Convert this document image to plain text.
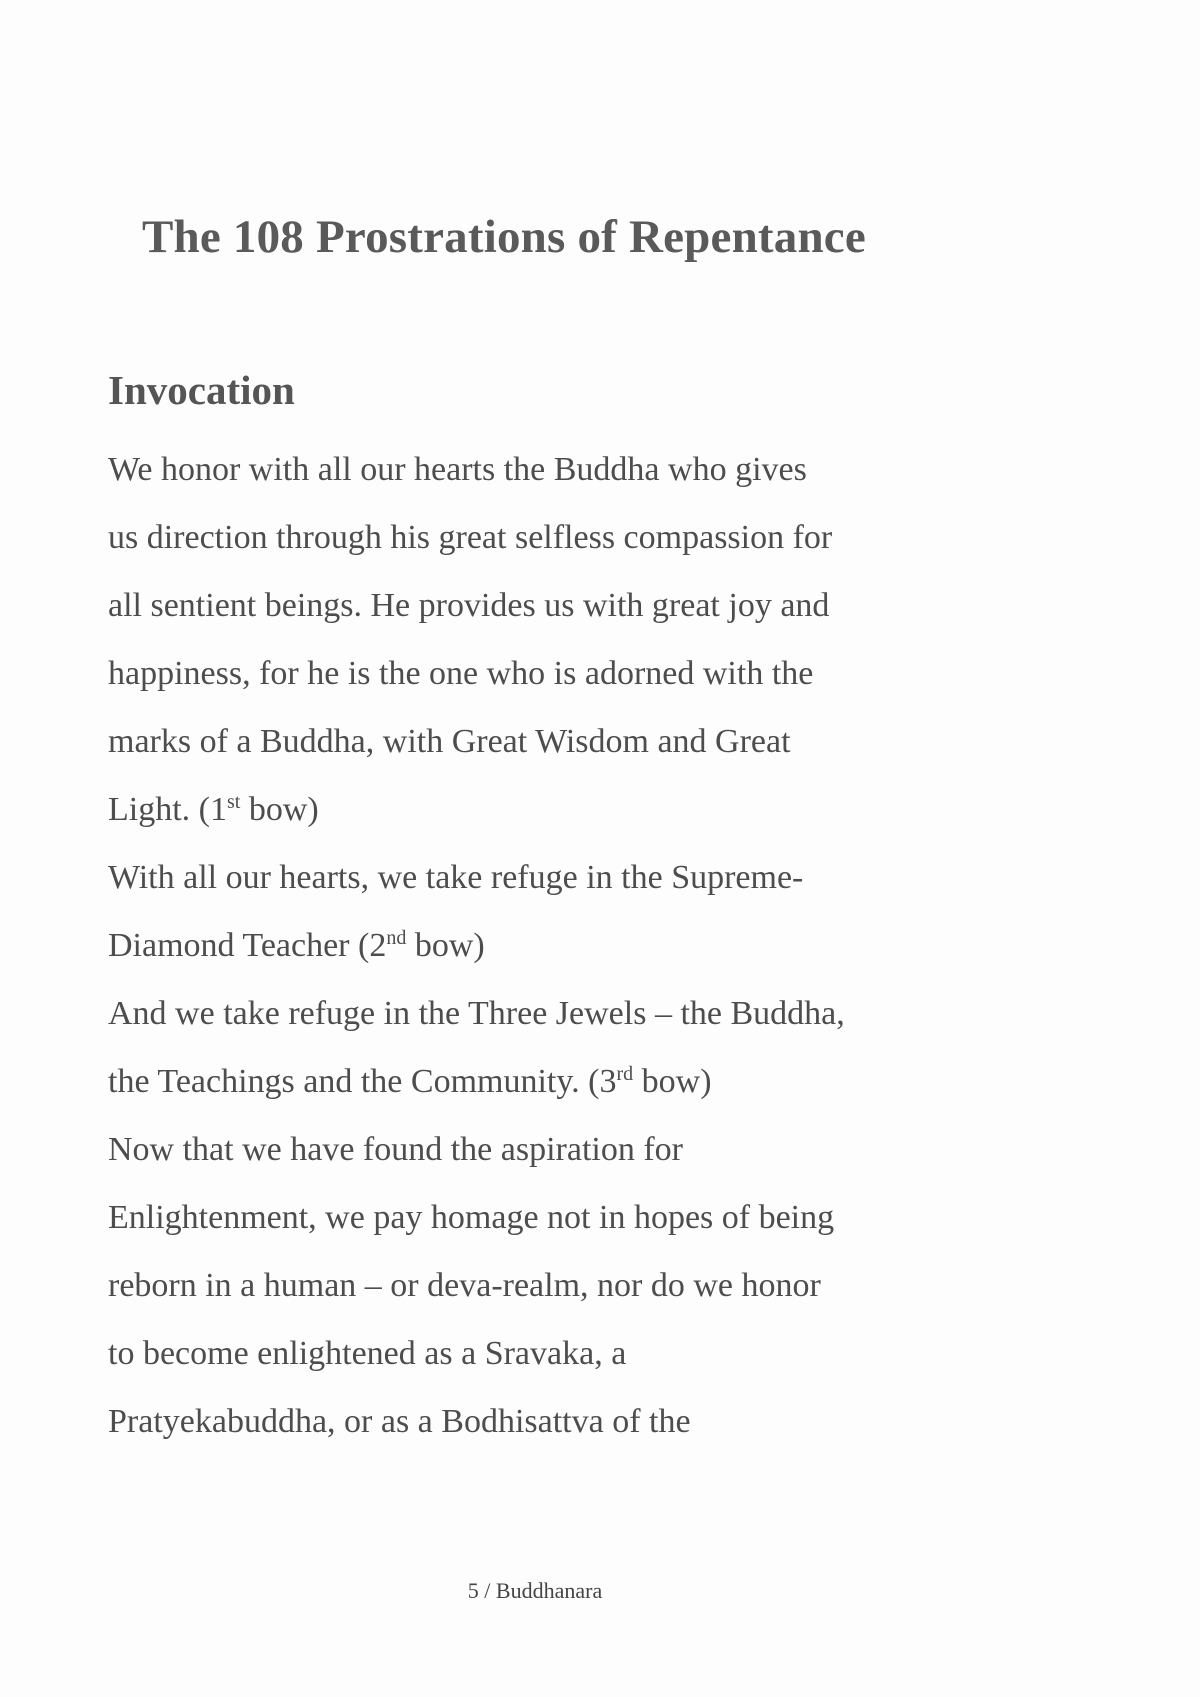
The 108 Prostrations of Repentance
Invocation
We honor with all our hearts the Buddha who gives
us direction through his great selfless compassion for
all sentient beings. He provides us with great joy and
happiness, for he is the one who is adorned with the
marks of a Buddha, with Great Wisdom and Great
Light. (1st bow)
With all our hearts, we take refuge in the Supreme-
Diamond Teacher (2nd bow)
And we take refuge in the Three Jewels – the Buddha,
the Teachings and the Community. (3rd bow)
Now that we have found the aspiration for
Enlightenment, we pay homage not in hopes of being
reborn in a human – or deva-realm, nor do we honor
to become enlightened as a Sravaka, a
Pratyekabuddha, or as a Bodhisattva of the
5 / Buddhanara
